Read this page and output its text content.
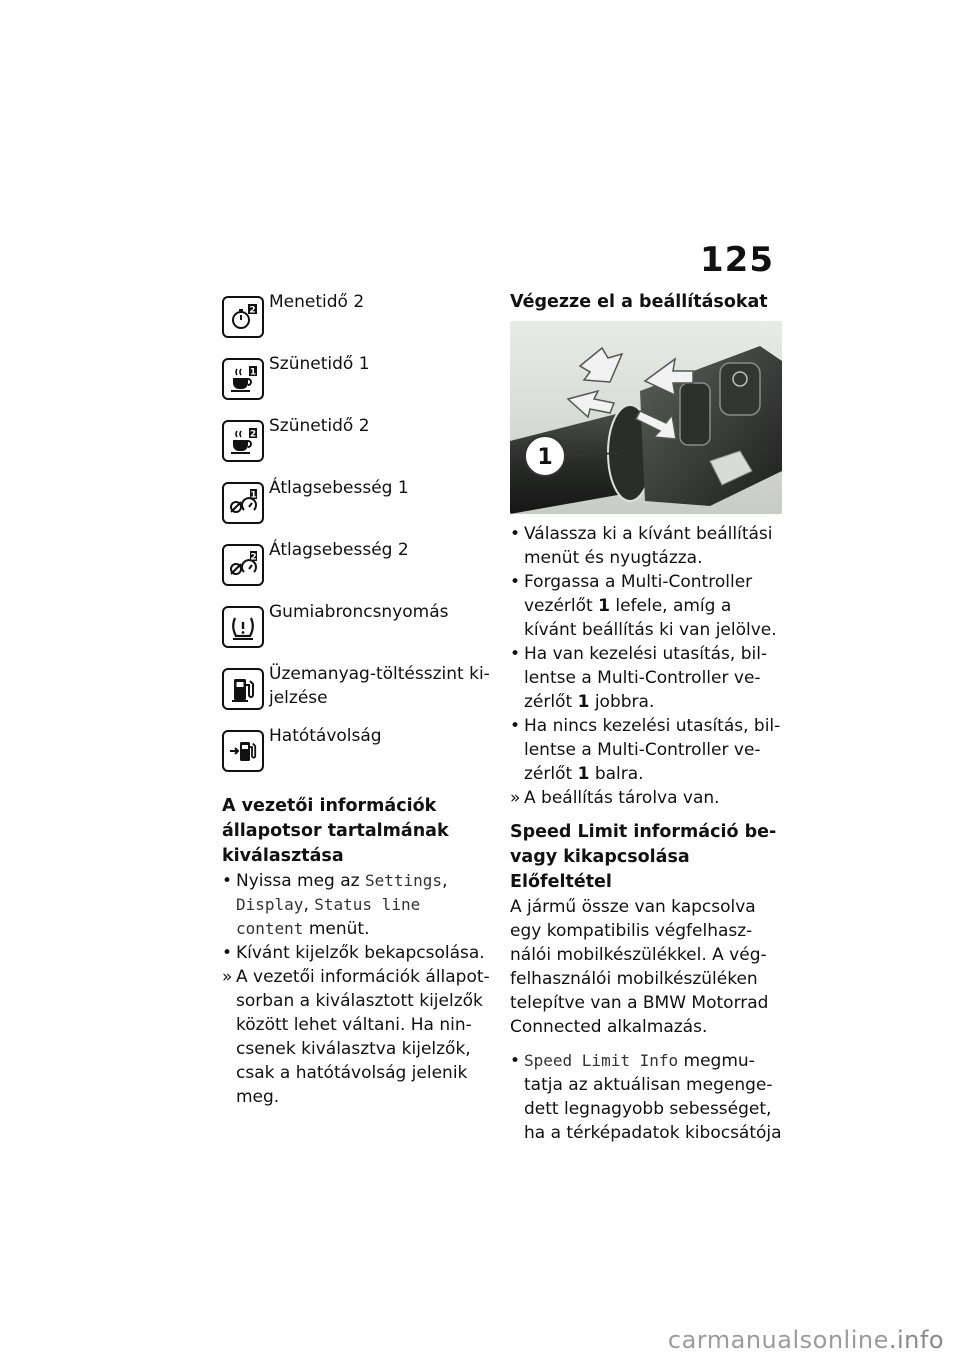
125
2 Menetidő 2
1 Szünetidő 1
2 Szünetidő 2
1 Átlagsebesség 1
2 Átlagsebesség 2
Gumiabroncsnyomás
Üzemanyag-töltésszint ki-jelzése
Hatótávolság

A vezetői információk állapotsor tartalmának kiválasztása

• Nyissa meg az Settings, Display, Status line content menüt.
• Kívánt kijelzők bekapcsolása.
» A vezetői információk állapot-sorban a kiválasztott kijelzők között lehet váltani. Ha nin-csenek kiválasztva kijelzők, csak a hatótávolság jelenik meg.

Végezze el a beállításokat

1
• Válassza ki a kívánt beállítási menüt és nyugtázza.
• Forgassa a Multi-Controller vezérlőt 1 lefele, amíg a kívánt beállítás ki van jelölve.
• Ha van kezelési utasítás, bil-lentse a Multi-Controller ve-zérlőt 1 jobbra.
• Ha nincs kezelési utasítás, bil-lentse a Multi-Controller ve-zérlőt 1 balra.
» A beállítás tárolva van.

Speed Limit információ be- vagy kikapcsolása

Előfeltétel

A jármű össze van kapcsolva egy kompatibilis végfelhasz-nálói mobilkészülékkel. A vég-felhasználói mobilkészüléken telepítve van a BMW Motorrad Connected alkalmazás.

• Speed Limit Info megmu-tatja az aktuálisan megenge-dett legnagyobb sebességet, ha a térképadatok kibocsátója
carmanualsonline.info
